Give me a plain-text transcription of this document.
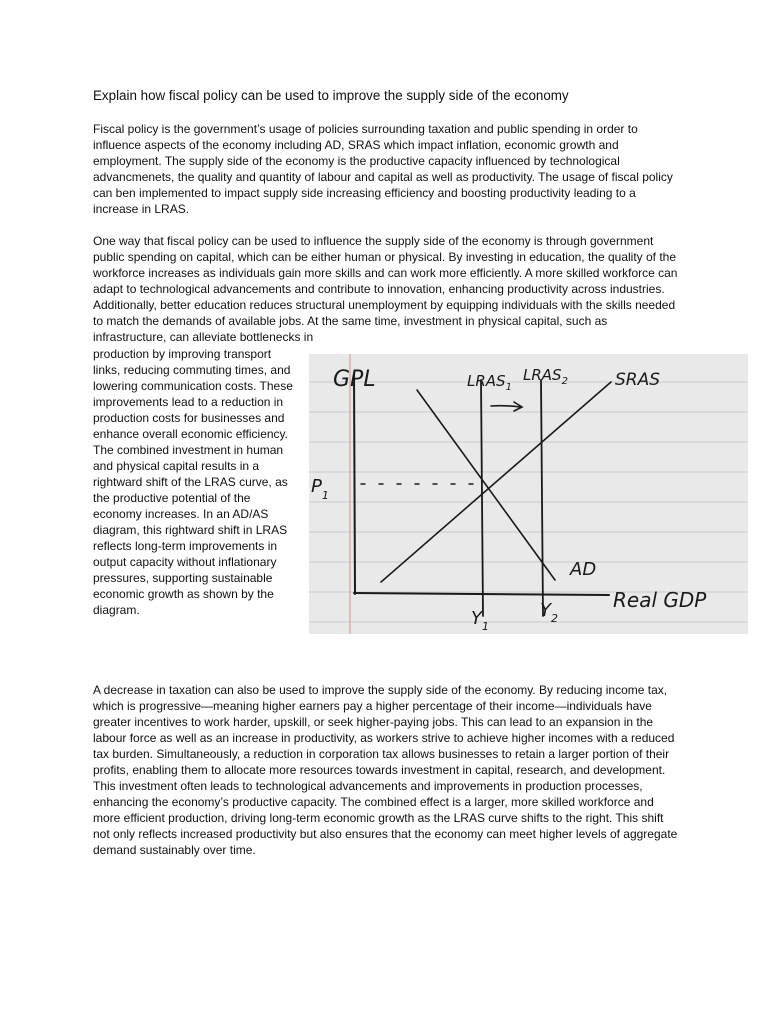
Explain how fiscal policy can be used to improve the supply side of the economy

Fiscal policy is the government’s usage of policies surrounding taxation and public spending in order to influence aspects of the economy including AD, SRAS which impact inflation, economic growth and employment. The supply side of the economy is the productive capacity influenced by technological advancmenets, the quality and quantity of labour and capital as well as productivity. The usage of fiscal policy can ben implemented to impact supply side increasing efficiency and boosting productivity leading to a increase in LRAS.

One way that fiscal policy can be used to influence the supply side of the economy is through government public spending on capital, which can be either human or physical. By investing in education, the quality of the workforce increases as individuals gain more skills and can work more efficiently. A more skilled workforce can adapt to technological advancements and contribute to innovation, enhancing productivity across industries. Additionally, better education reduces structural unemployment by equipping individuals with the skills needed to match the demands of available jobs. At the same time, investment in physical capital, such as infrastructure, can alleviate bottlenecks in

production by improving transport links, reducing commuting times, and lowering communication costs. These improvements lead to a reduction in production costs for businesses and enhance overall economic efficiency. The combined investment in human and physical capital results in a rightward shift of the LRAS curve, as the productive potential of the economy increases. In an AD/AS diagram, this rightward shift in LRAS reflects long-term improvements in output capacity without inflationary pressures, supporting sustainable economic growth as shown by the diagram.

GPL	$LRAS_1$
$LRAS_2$	SRAS
AD
Real GDP
$P_1$
$Y_1$
$Y_2$

A decrease in taxation can also be used to improve the supply side of the economy. By reducing income tax, which is progressive—meaning higher earners pay a higher percentage of their income—individuals have greater incentives to work harder, upskill, or seek higher-paying jobs. This can lead to an expansion in the labour force as well as an increase in productivity, as workers strive to achieve higher incomes with a reduced tax burden. Simultaneously, a reduction in corporation tax allows businesses to retain a larger portion of their profits, enabling them to allocate more resources towards investment in capital, research, and development. This investment often leads to technological advancements and improvements in production processes, enhancing the economy’s productive capacity. The combined effect is a larger, more skilled workforce and more efficient production, driving long-term economic growth as the LRAS curve shifts to the right. This shift not only reflects increased productivity but also ensures that the economy can meet higher levels of aggregate demand sustainably over time.
